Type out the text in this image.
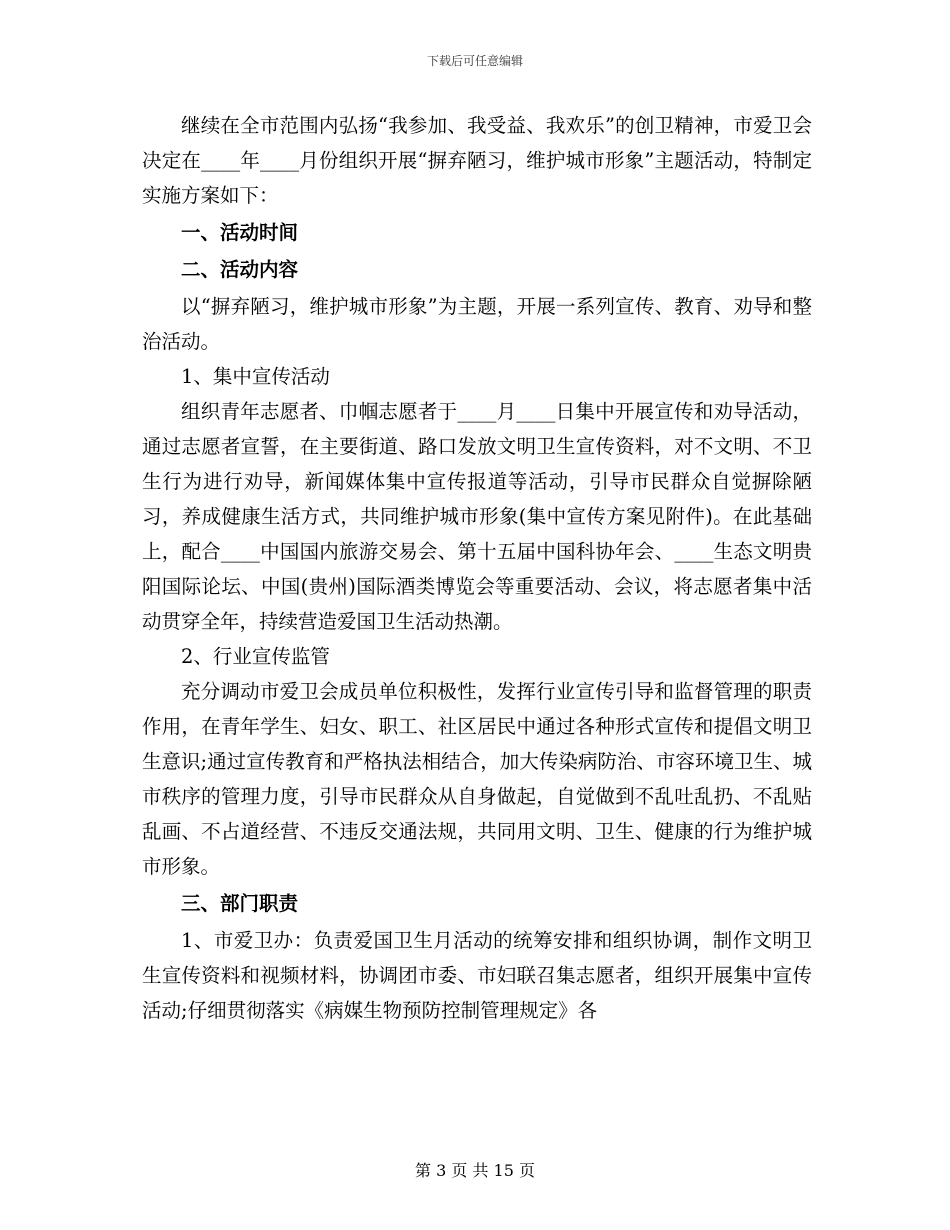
下载后可任意编辑

继续在全市范围内弘扬“我参加、我受益、我欢乐”的创卫精神，市爱卫会决定在____年____月份组织开展“摒弃陋习，维护城市形象”主题活动，特制定实施方案如下：

一、活动时间

二、活动内容

以“摒弃陋习，维护城市形象”为主题，开展一系列宣传、教育、劝导和整治活动。

1、集中宣传活动

组织青年志愿者、巾帼志愿者于____月____日集中开展宣传和劝导活动，通过志愿者宣誓，在主要街道、路口发放文明卫生宣传资料，对不文明、不卫生行为进行劝导，新闻媒体集中宣传报道等活动，引导市民群众自觉摒除陋习，养成健康生活方式，共同维护城市形象(集中宣传方案见附件)。在此基础上，配合____中国国内旅游交易会、第十五届中国科协年会、____生态文明贵阳国际论坛、中国(贵州)国际酒类博览会等重要活动、会议，将志愿者集中活动贯穿全年，持续营造爱国卫生活动热潮。

2、行业宣传监管

充分调动市爱卫会成员单位积极性，发挥行业宣传引导和监督管理的职责作用，在青年学生、妇女、职工、社区居民中通过各种形式宣传和提倡文明卫生意识;通过宣传教育和严格执法相结合，加大传染病防治、市容环境卫生、城市秩序的管理力度，引导市民群众从自身做起，自觉做到不乱吐乱扔、不乱贴乱画、不占道经营、不违反交通法规，共同用文明、卫生、健康的行为维护城市形象。

三、部门职责

1、市爱卫办：负责爱国卫生月活动的统筹安排和组织协调，制作文明卫生宣传资料和视频材料，协调团市委、市妇联召集志愿者，组织开展集中宣传活动;仔细贯彻落实《病媒生物预防控制管理规定》各

第 3 页 共 15 页
